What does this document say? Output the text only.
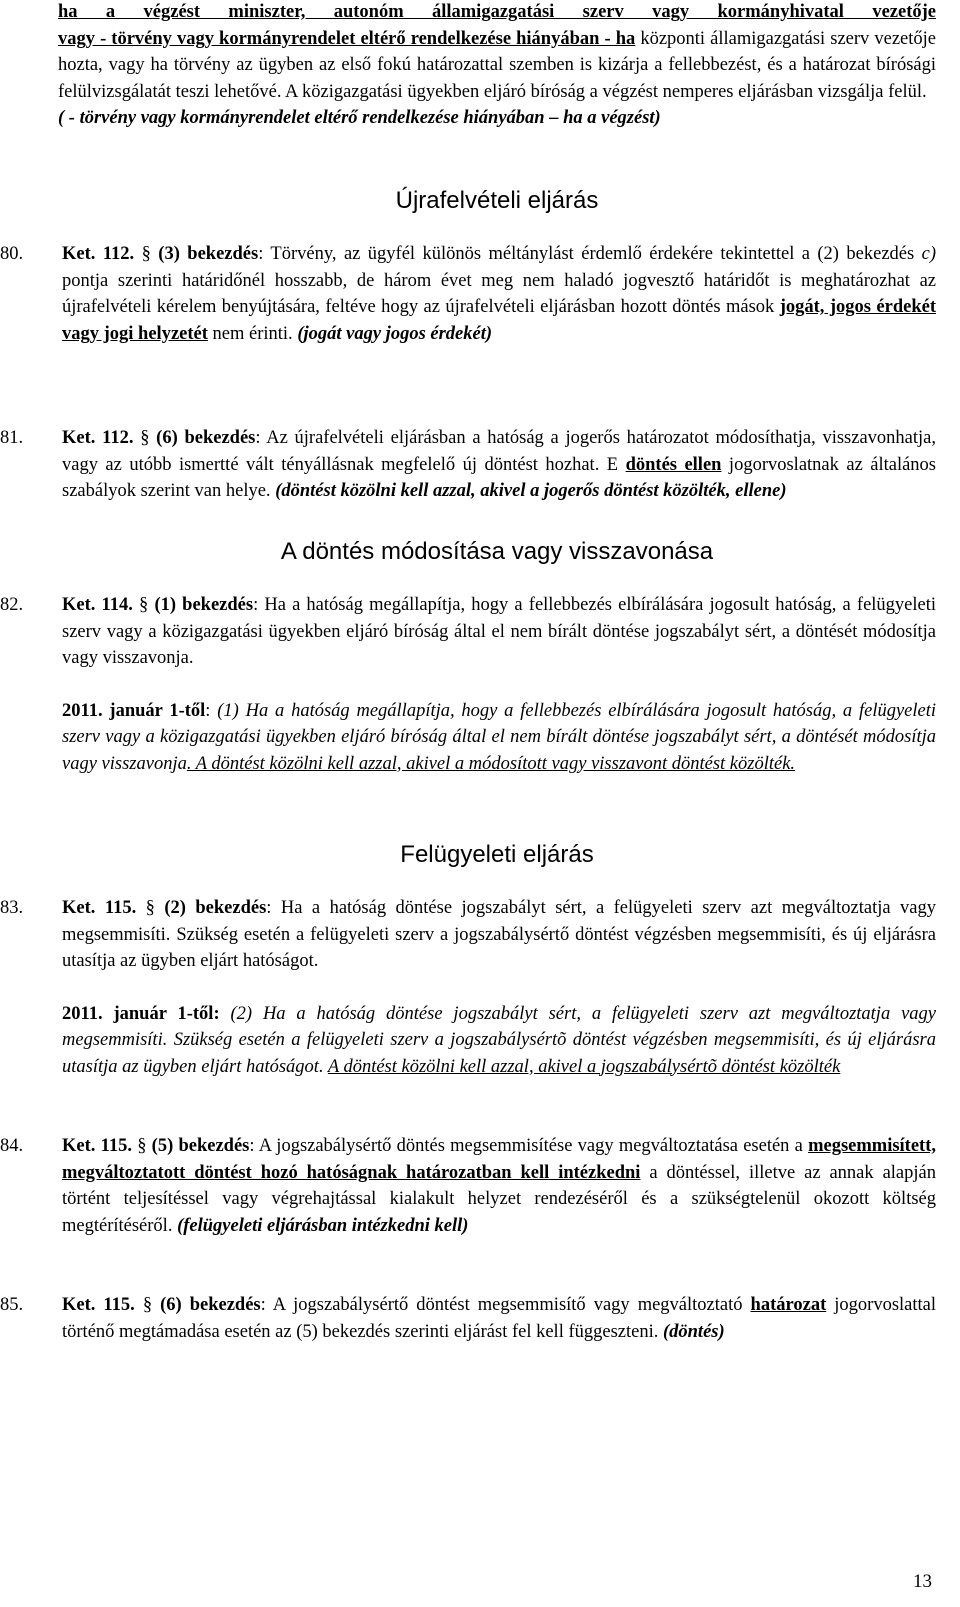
ha a végzést miniszter, autonóm államigazgatási szerv vagy kormányhivatal vezetője

vagy - törvény vagy kormányrendelet eltérő rendelkezése hiányában - ha központi államigazgatási szerv vezetője hozta, vagy ha törvény az ügyben az első fokú határozattal szemben is kizárja a fellebbezést, és a határozat bírósági felülvizsgálatát teszi lehetővé. A közigazgatási ügyekben eljáró bíróság a végzést nemperes eljárásban vizsgálja felül.

( - törvény vagy kormányrendelet eltérő rendelkezése hiányában – ha a végzést)

Újrafelvételi eljárás
80.	Ket. 112. § (3) bekezdés: Törvény, az ügyfél különös méltánylást érdemlő érdekére tekintettel a (2) bekezdés c) pontja szerinti határidőnél hosszabb, de három évet meg nem haladó jogvesztő határidőt is meghatározhat az újrafelvételi kérelem benyújtására, feltéve hogy az újrafelvételi eljárásban hozott döntés mások jogát, jogos érdekét vagy jogi helyzetét nem érinti. (jogát vagy jogos érdekét)

81.	Ket. 112. § (6) bekezdés: Az újrafelvételi eljárásban a hatóság a jogerős határozatot módosíthatja, visszavonhatja, vagy az utóbb ismertté vált tényállásnak megfelelő új döntést hozhat. E döntés ellen jogorvoslatnak az általános szabályok szerint van helye. (döntést közölni kell azzal, akivel a jogerős döntést közölték, ellene)

A döntés módosítása vagy visszavonása
82.	Ket. 114. § (1) bekezdés: Ha a hatóság megállapítja, hogy a fellebbezés elbírálására jogosult hatóság, a felügyeleti szerv vagy a közigazgatási ügyekben eljáró bíróság által el nem bírált döntése jogszabályt sért, a döntését módosítja vagy visszavonja.

2011. január 1-től: (1) Ha a hatóság megállapítja, hogy a fellebbezés elbírálására jogosult hatóság, a felügyeleti szerv vagy a közigazgatási ügyekben eljáró bíróság által el nem bírált döntése jogszabályt sért, a döntését módosítja vagy visszavonja. A döntést közölni kell azzal, akivel a módosított vagy visszavont döntést közölték.

Felügyeleti eljárás
83.	Ket. 115. § (2) bekezdés: Ha a hatóság döntése jogszabályt sért, a felügyeleti szerv azt megváltoztatja vagy megsemmisíti. Szükség esetén a felügyeleti szerv a jogszabálysértő döntést végzésben megsemmisíti, és új eljárásra utasítja az ügyben eljárt hatóságot.

2011. január 1-től: (2) Ha a hatóság döntése jogszabályt sért, a felügyeleti szerv azt megváltoztatja vagy megsemmisíti. Szükség esetén a felügyeleti szerv a jogszabálysértõ döntést végzésben megsemmisíti, és új eljárásra utasítja az ügyben eljárt hatóságot. A döntést közölni kell azzal, akivel a jogszabálysértõ döntést közölték

84.	Ket. 115. § (5) bekezdés: A jogszabálysértő döntés megsemmisítése vagy megváltoztatása esetén a megsemmisített, megváltoztatott döntést hozó hatóságnak határozatban kell intézkedni a döntéssel, illetve az annak alapján történt teljesítéssel vagy végrehajtással kialakult helyzet rendezéséről és a szükségtelenül okozott költség megtérítéséről. (felügyeleti eljárásban intézkedni kell)

85.	Ket. 115. § (6) bekezdés: A jogszabálysértő döntést megsemmisítő vagy megváltoztató határozat jogorvoslattal történő megtámadása esetén az (5) bekezdés szerinti eljárást fel kell függeszteni. (döntés)

13
